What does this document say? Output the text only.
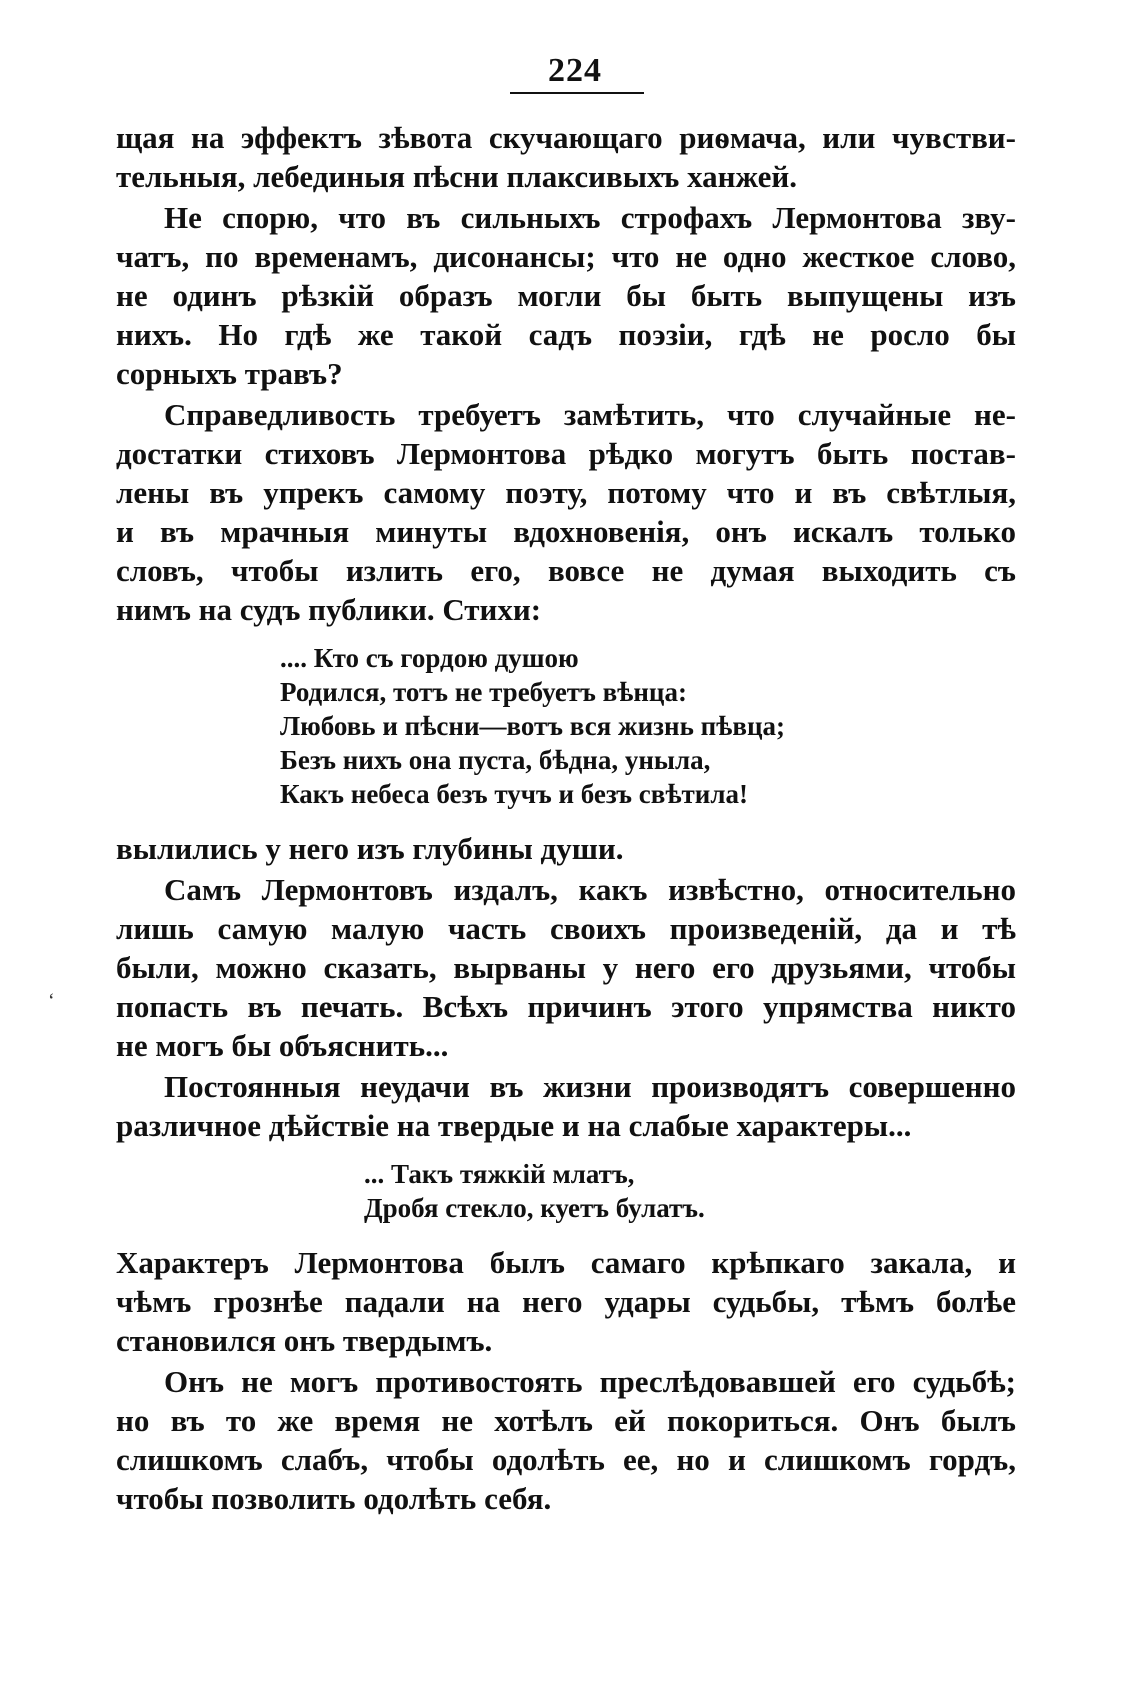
224
щая на эффектъ зѣвота скучающаго риѳмача, или чувстви-
тельныя, лебединыя пѣсни плаксивыхъ ханжей.
Не спорю, что въ сильныхъ строфахъ Лермонтова зву-
чатъ, по временамъ, дисонансы; что не одно жесткое слово,
не одинъ рѣзкій образъ могли бы быть выпущены изъ
нихъ. Но гдѣ же такой садъ поэзіи, гдѣ не росло бы
сорныхъ травъ?
Справедливость требуетъ замѣтить, что случайные не-
достатки стиховъ Лермонтова рѣдко могутъ быть постав-
лены въ упрекъ самому поэту, потому что и въ свѣтлыя,
и въ мрачныя минуты вдохновенія, онъ искалъ только
словъ, чтобы излить его, вовсе не думая выходить съ
нимъ на судъ публики. Стихи:
.... Кто съ гордою душою
Родился, тотъ не требуетъ вѣнца:
Любовь и пѣсни—вотъ вся жизнь пѣвца;
Безъ нихъ она пуста, бѣдна, уныла,
Какъ небеса безъ тучъ и безъ свѣтила!
вылились у него изъ глубины души.
Самъ Лермонтовъ издалъ, какъ извѣстно, относительно
лишь самую малую часть своихъ произведеній, да и тѣ
были, можно сказать, вырваны у него его друзьями, чтобы
попасть въ печать. Всѣхъ причинъ этого упрямства никто
не могъ бы объяснить...
Постоянныя неудачи въ жизни производятъ совершенно
различное дѣйствіе на твердые и на слабые характеры...
... Такъ тяжкій млатъ,
Дробя стекло, куетъ булатъ.
Характеръ Лермонтова былъ самаго крѣпкаго закала, и
чѣмъ грознѣе падали на него удары судьбы, тѣмъ болѣе
становился онъ твердымъ.
Онъ не могъ противостоять преслѣдовавшей его судьбѣ;
но въ то же время не хотѣлъ ей покориться. Онъ былъ
слишкомъ слабъ, чтобы одолѣть ее, но и слишкомъ гордъ,
чтобы позволить одолѣть себя.
‘
